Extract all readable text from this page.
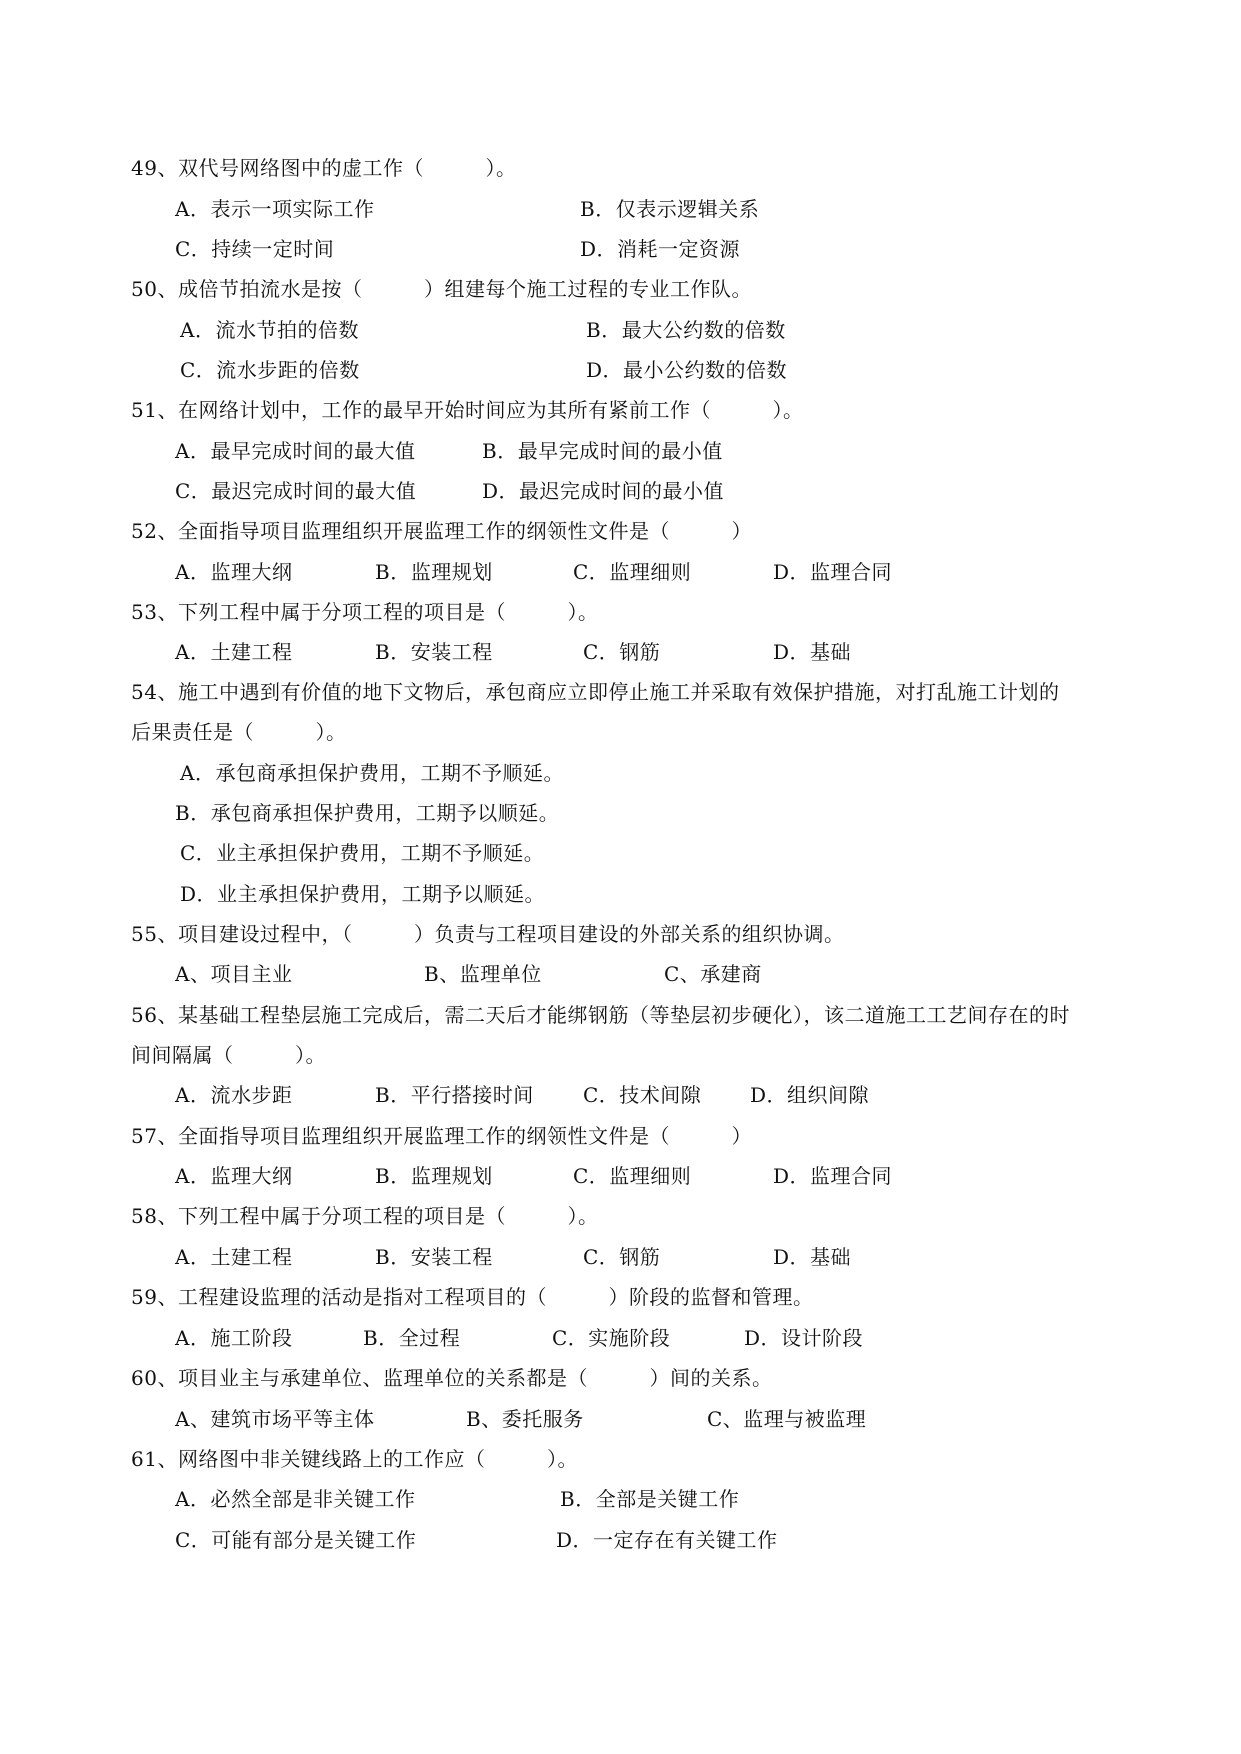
49、双代号网络图中的虚工作（　　　）。
A．表示一项实际工作	B．仅表示逻辑关系
C．持续一定时间	D．消耗一定资源
50、成倍节拍流水是按（　　　）组建每个施工过程的专业工作队。
A．流水节拍的倍数	B．最大公约数的倍数
C．流水步距的倍数	D．最小公约数的倍数
51、在网络计划中，工作的最早开始时间应为其所有紧前工作（　　　）。
A．最早完成时间的最大值	B．最早完成时间的最小值
C．最迟完成时间的最大值	D．最迟完成时间的最小值
52、全面指导项目监理组织开展监理工作的纲领性文件是（　　　）
A．监理大纲	B．监理规划	C．监理细则	D．监理合同
53、下列工程中属于分项工程的项目是（　　　）。
A．土建工程	B．安装工程	C．钢筋	D．基础
54、施工中遇到有价值的地下文物后，承包商应立即停止施工并采取有效保护措施，对打乱施工计划的
后果责任是（　　　）。
A．承包商承担保护费用，工期不予顺延。
B．承包商承担保护费用，工期予以顺延。
C．业主承担保护费用，工期不予顺延。
D．业主承担保护费用，工期予以顺延。
55、项目建设过程中，（　　　）负责与工程项目建设的外部关系的组织协调。
A、项目主业	B、监理单位	C、承建商
56、某基础工程垫层施工完成后，需二天后才能绑钢筋（等垫层初步硬化），该二道施工工艺间存在的时
间间隔属（　　　）。
A．流水步距	B．平行搭接时间 C．技术间隙 D．组织间隙
57、全面指导项目监理组织开展监理工作的纲领性文件是（　　　）
A．监理大纲	B．监理规划	C．监理细则	D．监理合同
58、下列工程中属于分项工程的项目是（　　　）。
A．土建工程	B．安装工程	C．钢筋	D．基础
59、工程建设监理的活动是指对工程项目的（　　　）阶段的监督和管理。
A．施工阶段	B．全过程	C．实施阶段	D．设计阶段
60、项目业主与承建单位、监理单位的关系都是（　　　）间的关系。
A、建筑市场平等主体	B、委托服务	C、监理与被监理
61、网络图中非关键线路上的工作应（　　　）。
A．必然全部是非关键工作	B．全部是关键工作
C．可能有部分是关键工作	D．一定存在有关键工作
